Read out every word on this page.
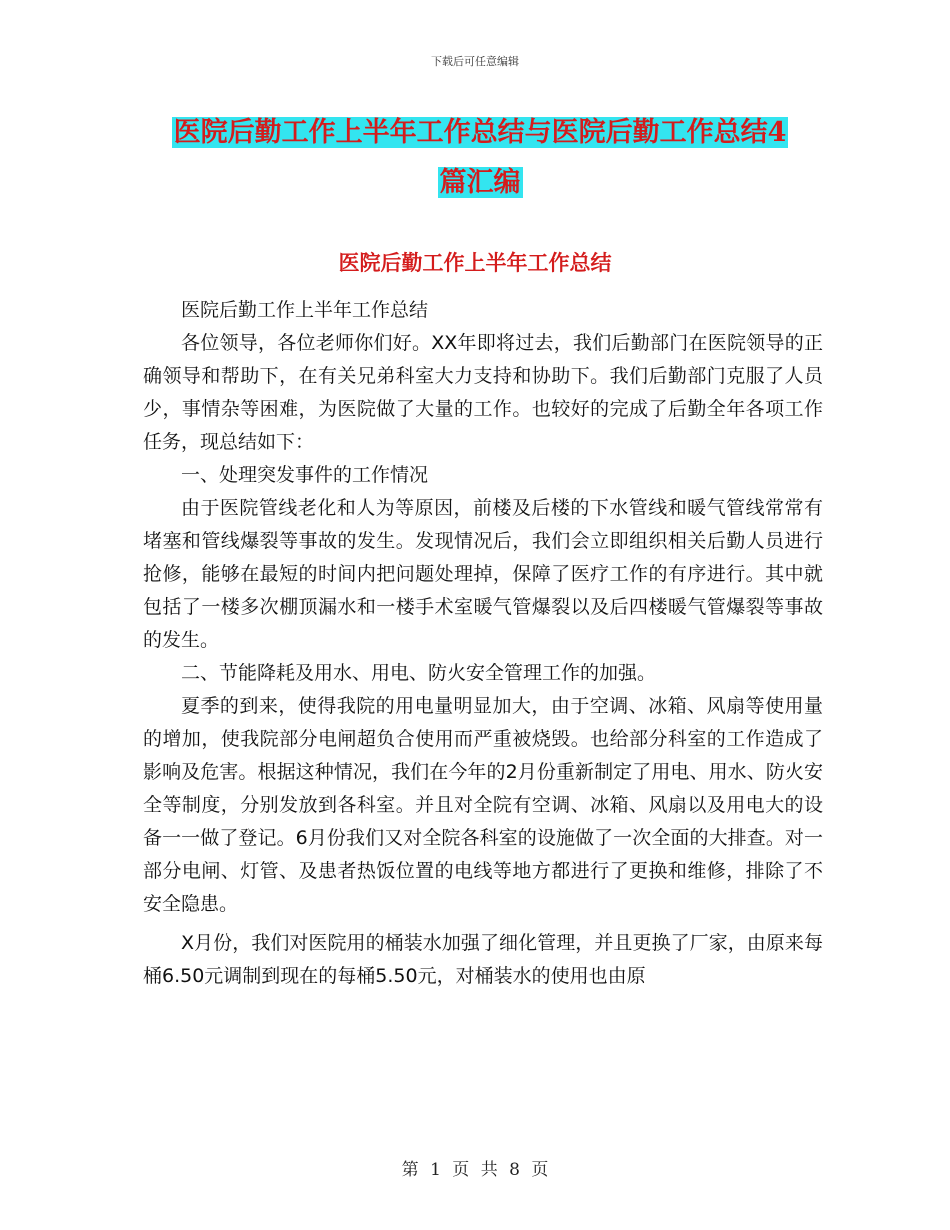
下载后可任意编辑
医院后勤工作上半年工作总结与医院后勤工作总结4
篇汇编
医院后勤工作上半年工作总结

医院后勤工作上半年工作总结

各位领导，各位老师你们好。XX年即将过去，我们后勤部门在医院领导的正确领导和帮助下，在有关兄弟科室大力支持和协助下。我们后勤部门克服了人员少，事情杂等困难，为医院做了大量的工作。也较好的完成了后勤全年各项工作任务，现总结如下：

一、处理突发事件的工作情况

由于医院管线老化和人为等原因，前楼及后楼的下水管线和暖气管线常常有堵塞和管线爆裂等事故的发生。发现情况后，我们会立即组织相关后勤人员进行抢修，能够在最短的时间内把问题处理掉，保障了医疗工作的有序进行。其中就包括了一楼多次棚顶漏水和一楼手术室暖气管爆裂以及后四楼暖气管爆裂等事故的发生。

二、节能降耗及用水、用电、防火安全管理工作的加强。

夏季的到来，使得我院的用电量明显加大，由于空调、冰箱、风扇等使用量的增加，使我院部分电闸超负合使用而严重被烧毁。也给部分科室的工作造成了影响及危害。根据这种情况，我们在今年的2月份重新制定了用电、用水、防火安全等制度，分别发放到各科室。并且对全院有空调、冰箱、风扇以及用电大的设备一一做了登记。6月份我们又对全院各科室的设施做了一次全面的大排查。对一部分电闸、灯管、及患者热饭位置的电线等地方都进行了更换和维修，排除了不安全隐患。

X月份，我们对医院用的桶装水加强了细化管理，并且更换了厂家，由原来每桶6.50元调制到现在的每桶5.50元，对桶装水的使用也由原

第 1 页 共 8 页
